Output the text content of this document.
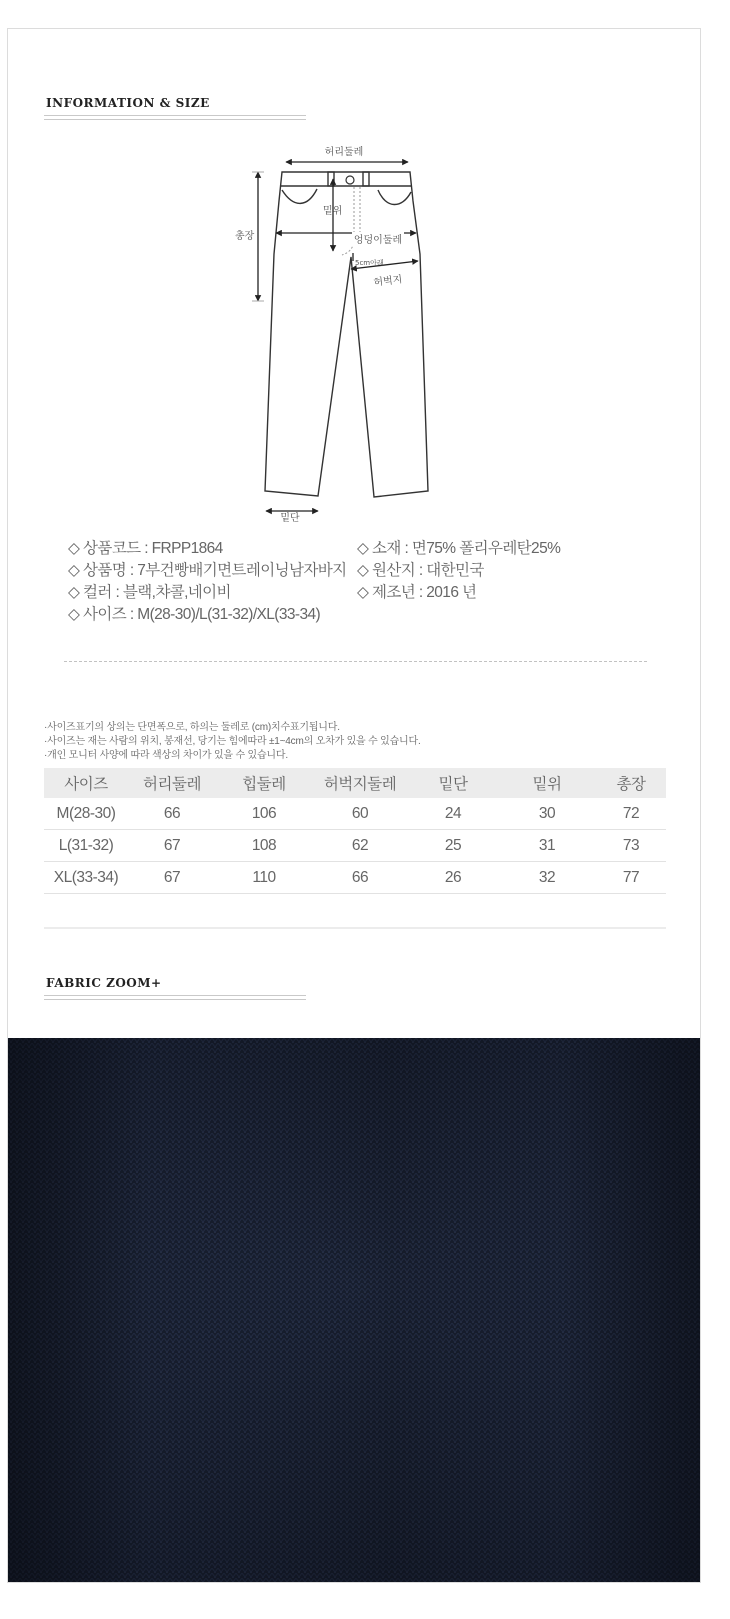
INFORMATION & SIZE
허리둘레
밑위
총장	엉덩이둘레
5cm아래
허벅지
밑단
◇ 상품코드 : FRPP1864
◇ 상품명 : 7부건빵배기면트레이닝남자바지
◇ 컬러 : 블랙,챠콜,네이비
◇ 사이즈 : M(28-30)/L(31-32)/XL(33-34)
◇ 소재 : 면75% 폴리우레탄25%
◇ 원산지 : 대한민국
◇ 제조년 : 2016 년
·사이즈표기의 상의는 단면폭으로, 하의는 둘레로 (cm)치수표기됩니다.
·사이즈는 재는 사람의 위치, 봉재선, 당기는 힘에따라 ±1~4cm의 오차가 있을 수 있습니다.
·개인 모니터 사양에 따라 색상의 차이가 있을 수 있습니다.
사이즈	허리둘레	힙둘레	허벅지둘레	밑단	밑위	총장
M(28-30)	66	106	60	24	30	72
L(31-32)	67	108	62	25	31	73
XL(33-34)	67	110	66	26	32	77
FABRIC ZOOM+
